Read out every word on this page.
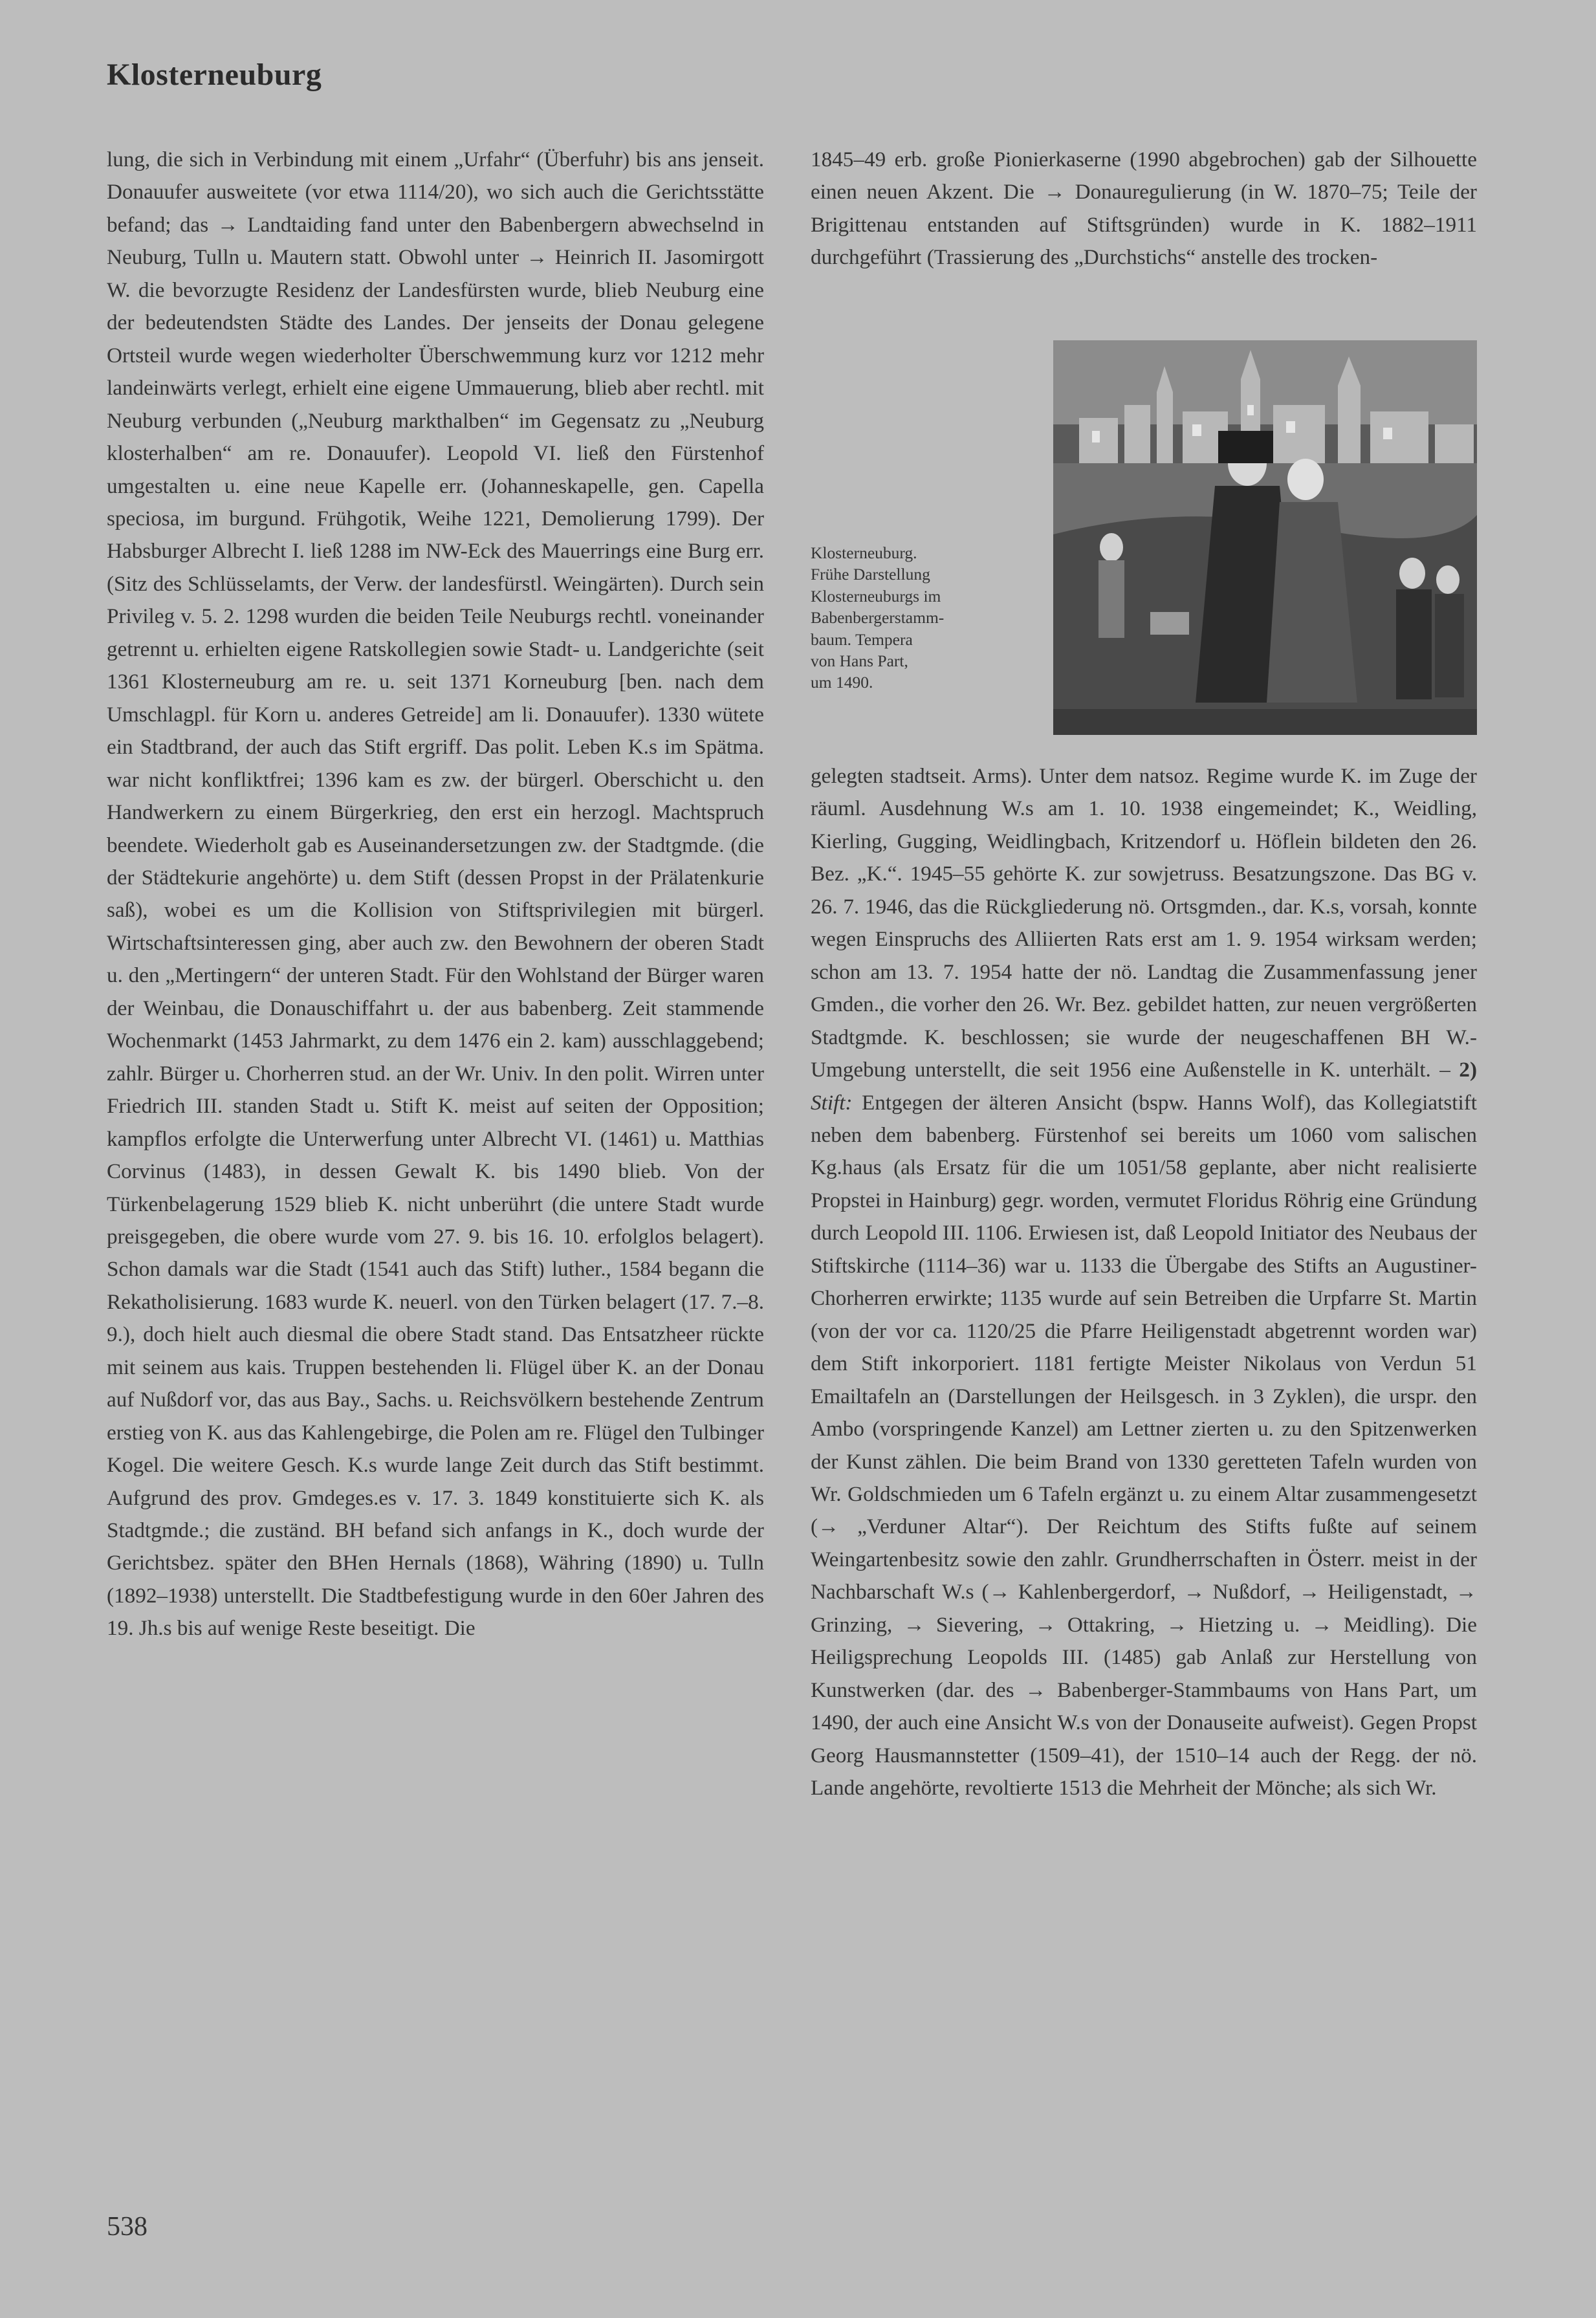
Klosterneuburg

lung, die sich in Verbindung mit einem „Urfahr“ (Überfuhr) bis ans jenseit. Donauufer ausweitete (vor etwa 1114/20), wo sich auch die Gerichtsstätte befand; das → Landtaiding fand unter den Babenbergern abwechselnd in Neuburg, Tulln u. Mautern statt. Obwohl unter → Heinrich II. Jasomirgott W. die bevorzugte Residenz der Landesfürsten wurde, blieb Neuburg eine der bedeutendsten Städte des Landes. Der jenseits der Donau gelegene Ortsteil wurde wegen wiederholter Überschwemmung kurz vor 1212 mehr landeinwärts verlegt, erhielt eine eigene Ummauerung, blieb aber rechtl. mit Neuburg verbunden („Neuburg markthalben“ im Gegensatz zu „Neuburg klosterhalben“ am re. Donauufer). Leopold VI. ließ den Fürstenhof umgestalten u. eine neue Kapelle err. (Johanneskapelle, gen. Capella speciosa, im burgund. Frühgotik, Weihe 1221, Demolierung 1799). Der Habsburger Albrecht I. ließ 1288 im NW-Eck des Mauerrings eine Burg err. (Sitz des Schlüsselamts, der Verw. der landesfürstl. Weingärten). Durch sein Privileg v. 5. 2. 1298 wurden die beiden Teile Neuburgs rechtl. voneinander getrennt u. erhielten eigene Ratskollegien sowie Stadt- u. Landgerichte (seit 1361 Klosterneuburg am re. u. seit 1371 Korneuburg [ben. nach dem Umschlagpl. für Korn u. anderes Getreide] am li. Donauufer). 1330 wütete ein Stadtbrand, der auch das Stift ergriff. Das polit. Leben K.s im Spätma. war nicht konfliktfrei; 1396 kam es zw. der bürgerl. Oberschicht u. den Handwerkern zu einem Bürgerkrieg, den erst ein herzogl. Machtspruch beendete. Wiederholt gab es Auseinandersetzungen zw. der Stadtgmde. (die der Städtekurie angehörte) u. dem Stift (dessen Propst in der Prälatenkurie saß), wobei es um die Kollision von Stiftsprivilegien mit bürgerl. Wirtschaftsinteressen ging, aber auch zw. den Bewohnern der oberen Stadt u. den „Mertingern“ der unteren Stadt. Für den Wohlstand der Bürger waren der Weinbau, die Donauschiffahrt u. der aus babenberg. Zeit stammende Wochenmarkt (1453 Jahrmarkt, zu dem 1476 ein 2. kam) ausschlaggebend; zahlr. Bürger u. Chorherren stud. an der Wr. Univ. In den polit. Wirren unter Friedrich III. standen Stadt u. Stift K. meist auf seiten der Opposition; kampflos erfolgte die Unterwerfung unter Albrecht VI. (1461) u. Matthias Corvinus (1483), in dessen Gewalt K. bis 1490 blieb. Von der Türkenbelagerung 1529 blieb K. nicht unberührt (die untere Stadt wurde preisgegeben, die obere wurde vom 27. 9. bis 16. 10. erfolglos belagert). Schon damals war die Stadt (1541 auch das Stift) luther., 1584 begann die Rekatholisierung. 1683 wurde K. neuerl. von den Türken belagert (17. 7.–8. 9.), doch hielt auch diesmal die obere Stadt stand. Das Entsatzheer rückte mit seinem aus kais. Truppen bestehenden li. Flügel über K. an der Donau auf Nußdorf vor, das aus Bay., Sachs. u. Reichsvölkern bestehende Zentrum erstieg von K. aus das Kahlengebirge, die Polen am re. Flügel den Tulbinger Kogel. Die weitere Gesch. K.s wurde lange Zeit durch das Stift bestimmt. Aufgrund des prov. Gmdeges.es v. 17. 3. 1849 konstituierte sich K. als Stadtgmde.; die zuständ. BH befand sich anfangs in K., doch wurde der Gerichtsbez. später den BHen Hernals (1868), Währing (1890) u. Tulln (1892–1938) unterstellt. Die Stadtbefestigung wurde in den 60er Jahren des 19. Jh.s bis auf wenige Reste beseitigt. Die

1845–49 erb. große Pionierkaserne (1990 abgebrochen) gab der Silhouette einen neuen Akzent. Die → Donauregulierung (in W. 1870–75; Teile der Brigittenau entstanden auf Stiftsgründen) wurde in K. 1882–1911 durchgeführt (Trassierung des „Durchstichs“ anstelle des trocken-

Klosterneuburg.
Frühe Darstellung
Klosterneuburgs im
Babenbergerstamm-
baum. Tempera
von Hans Part,
um 1490.

gelegten stadtseit. Arms). Unter dem natsoz. Regime wurde K. im Zuge der räuml. Ausdehnung W.s am 1. 10. 1938 eingemeindet; K., Weidling, Kierling, Gugging, Weidlingbach, Kritzendorf u. Höflein bildeten den 26. Bez. „K.“. 1945–55 gehörte K. zur sowjetruss. Besatzungszone. Das BG v. 26. 7. 1946, das die Rückgliederung nö. Ortsgmden., dar. K.s, vorsah, konnte wegen Einspruchs des Alliierten Rats erst am 1. 9. 1954 wirksam werden; schon am 13. 7. 1954 hatte der nö. Landtag die Zusammenfassung jener Gmden., die vorher den 26. Wr. Bez. gebildet hatten, zur neuen vergrößerten Stadtgmde. K. beschlossen; sie wurde der neugeschaffenen BH W.-Umgebung unterstellt, die seit 1956 eine Außenstelle in K. unterhält. – 2) Stift: Entgegen der älteren Ansicht (bspw. Hanns Wolf), das Kollegiatstift neben dem babenberg. Fürstenhof sei bereits um 1060 vom salischen Kg.haus (als Ersatz für die um 1051/58 geplante, aber nicht realisierte Propstei in Hainburg) gegr. worden, vermutet Floridus Röhrig eine Gründung durch Leopold III. 1106. Erwiesen ist, daß Leopold Initiator des Neubaus der Stiftskirche (1114–36) war u. 1133 die Übergabe des Stifts an Augustiner-Chorherren erwirkte; 1135 wurde auf sein Betreiben die Urpfarre St. Martin (von der vor ca. 1120/25 die Pfarre Heiligenstadt abgetrennt worden war) dem Stift inkorporiert. 1181 fertigte Meister Nikolaus von Verdun 51 Emailtafeln an (Darstellungen der Heilsgesch. in 3 Zyklen), die urspr. den Ambo (vorspringende Kanzel) am Lettner zierten u. zu den Spitzenwerken der Kunst zählen. Die beim Brand von 1330 geretteten Tafeln wurden von Wr. Goldschmieden um 6 Tafeln ergänzt u. zu einem Altar zusammengesetzt (→ „Verduner Altar“). Der Reichtum des Stifts fußte auf seinem Weingartenbesitz sowie den zahlr. Grundherrschaften in Österr. meist in der Nachbarschaft W.s (→ Kahlenbergerdorf, → Nußdorf, → Heiligenstadt, → Grinzing, → Sievering, → Ottakring, → Hietzing u. → Meidling). Die Heiligsprechung Leopolds III. (1485) gab Anlaß zur Herstellung von Kunstwerken (dar. des → Babenberger-Stammbaums von Hans Part, um 1490, der auch eine Ansicht W.s von der Donauseite aufweist). Gegen Propst Georg Hausmannstetter (1509–41), der 1510–14 auch der Regg. der nö. Lande angehörte, revoltierte 1513 die Mehrheit der Mönche; als sich Wr.

538
